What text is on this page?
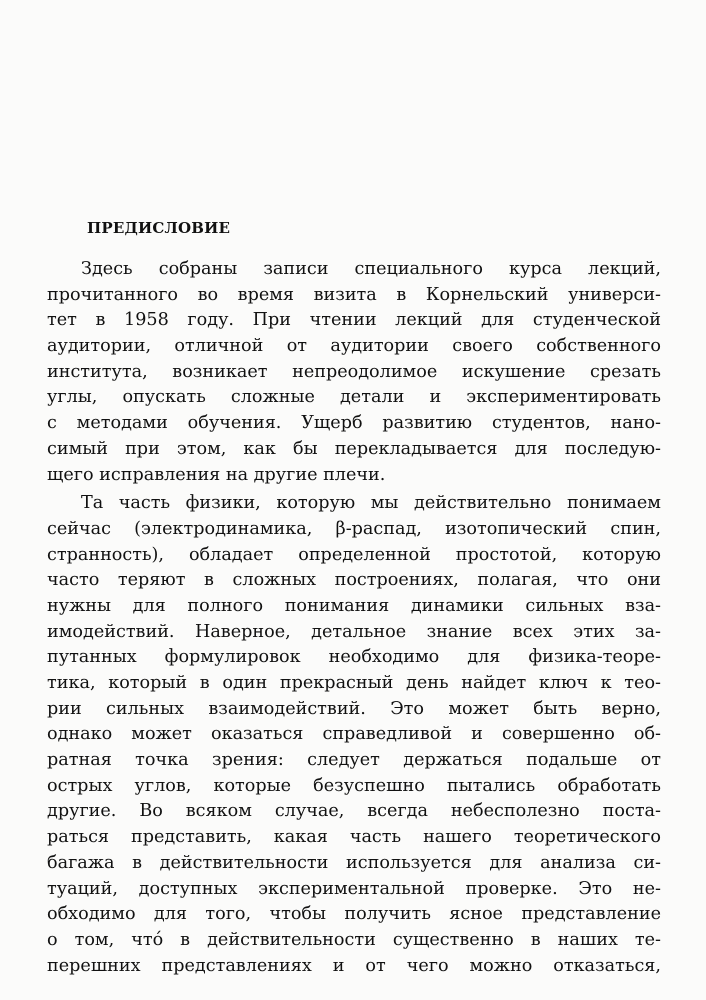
ПРЕДИСЛОВИЕ
Здесь собраны записи специального курса лекций,
прочитанного во время визита в Корнельский универси-
тет в 1958 году. При чтении лекций для студенческой
аудитории, отличной от аудитории своего собственного
института, возникает непреодолимое искушение срезать
углы, опускать сложные детали и экспериментировать
с методами обучения. Ущерб развитию студентов, нано-
симый при этом, как бы перекладывается для последую-
щего исправления на другие плечи.
Та часть физики, которую мы действительно понимаем
сейчас (электродинамика, β-распад, изотопический спин,
странность), обладает определенной простотой, которую
часто теряют в сложных построениях, полагая, что они
нужны для полного понимания динамики сильных вза-
имодействий. Наверное, детальное знание всех этих за-
путанных формулировок необходимо для физика-теоре-
тика, который в один прекрасный день найдет ключ к тео-
рии сильных взаимодействий. Это может быть верно,
однако может оказаться справедливой и совершенно об-
ратная точка зрения: следует держаться подальше от
острых углов, которые безуспешно пытались обработать
другие. Во всяком случае, всегда небесполезно поста-
раться представить, какая часть нашего теоретического
багажа в действительности используется для анализа си-
туаций, доступных экспериментальной проверке. Это не-
обходимо для того, чтобы получить ясное представление
о том, что́ в действительности существенно в наших те-
перешних представлениях и от чего можно отказаться,
